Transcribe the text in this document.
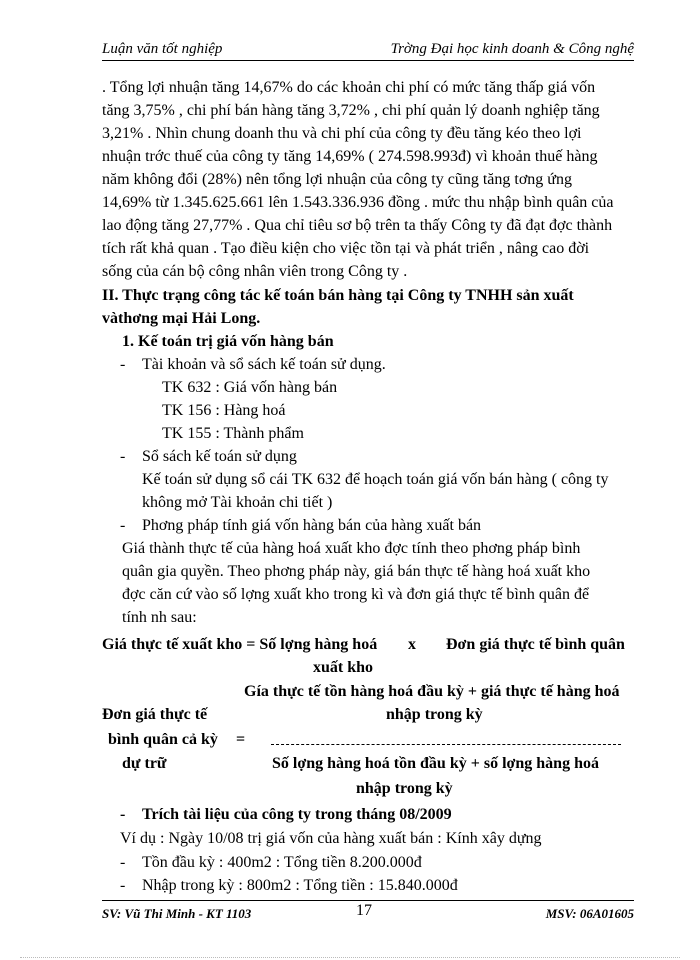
Luận văn tốt nghiệp	Trờng Đại học kinh doanh & Công nghệ
. Tổng lợi nhuận tăng 14,67% do các khoản chi phí có mức tăng thấp giá vốn
tăng 3,75% , chi phí bán hàng tăng 3,72% , chi phí quản lý doanh nghiệp tăng
3,21% . Nhìn chung doanh thu và chi phí của công ty đều tăng kéo theo lợi
nhuận trớc thuế của công ty tăng 14,69% ( 274.598.993đ) vì khoản thuế hàng
năm không đổi (28%) nên tổng lợi nhuận của công ty cũng tăng tơng ứng
14,69% từ 1.345.625.661 lên 1.543.336.936 đồng . mức thu nhập bình quân của
lao động tăng 27,77% . Qua chỉ tiêu sơ bộ trên ta thấy Công ty đã đạt đợc thành
tích rất khả quan . Tạo điều kiện cho việc tồn tại và phát triển , nâng cao đời
sống của cán bộ công nhân viên trong Công ty .
II. Thực trạng công tác kế toán bán hàng tại Công ty TNHH sản xuất
vàthơng mại Hải Long.
1. Kế toán trị giá vốn hàng bán
- Tài khoản và sổ sách kế toán sử dụng.
TK 632 : Giá vốn hàng bán
TK 156 : Hàng hoá
TK 155 : Thành phẩm
- Sổ sách kế toán sử dụng
Kế toán sử dụng sổ cái TK 632 để hoạch toán giá vốn bán hàng ( công ty
không mở Tài khoản chi tiết )
- Phơng pháp tính giá vốn hàng bán của hàng xuất bán
Giá thành thực tế của hàng hoá xuất kho đợc tính theo phơng pháp bình
quân gia quyền. Theo phơng pháp này, giá bán thực tế hàng hoá xuất kho
đợc căn cứ vào số lợng xuất kho trong kì và đơn giá thực tế bình quân để
tính nh sau:
Giá thực tế xuất kho = Số lợng hàng hoá x Đơn giá thực tế bình quân
xuất kho
Gía thực tế tồn hàng hoá đầu kỳ + giá thực tế hàng hoá
nhập trong kỳ
Đơn giá thực tế
bình quân cả kỳ =
dự trữ	Số lợng hàng hoá tồn đầu kỳ + số lợng hàng hoá
nhập trong kỳ
- Trích tài liệu của công ty trong tháng 08/2009
Ví dụ : Ngày 10/08 trị giá vốn của hàng xuất bán : Kính xây dựng
- Tồn đầu kỳ : 400m2 : Tổng tiền 8.200.000đ
- Nhập trong kỳ : 800m2 : Tổng tiền : 15.840.000đ
SV: Vũ Thi Minh - KT 1103	17	MSV: 06A01605
